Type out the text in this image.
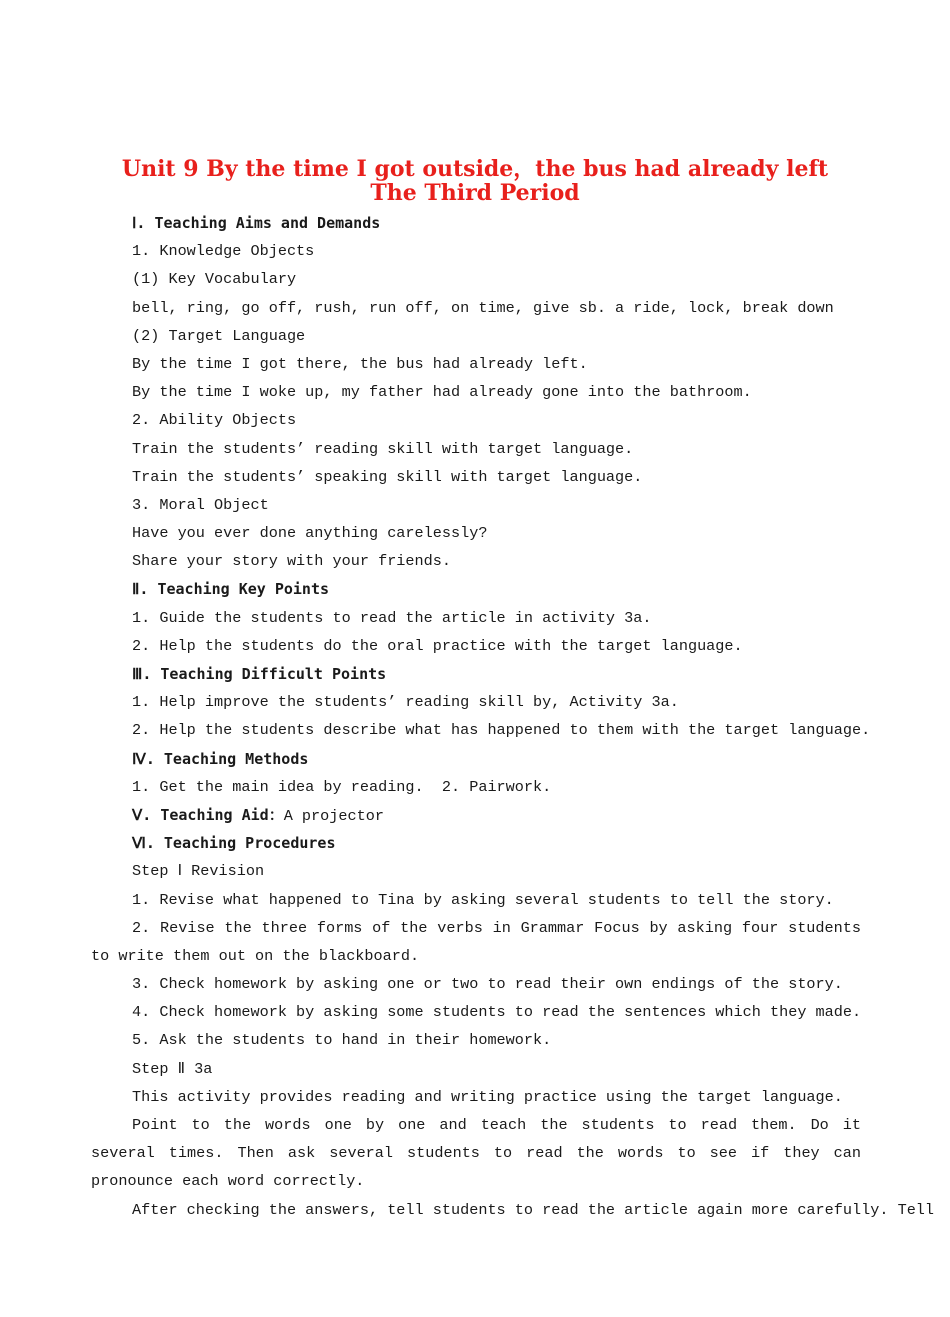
Unit 9 By the time I got outside，the bus had already left
The Third Period
Ⅰ. Teaching Aims and Demands
1. Knowledge Objects
(1) Key Vocabulary
bell, ring, go off, rush, run off, on time, give sb. a ride, lock, break down
(2) Target Language
By the time I got there, the bus had already left.
By the time I woke up, my father had already gone into the bathroom.
2. Ability Objects
Train the students’ reading skill with target language.
Train the students’ speaking skill with target language.
3. Moral Object
Have you ever done anything carelessly?
Share your story with your friends.
Ⅱ. Teaching Key Points
1. Guide the students to read the article in activity 3a.
2. Help the students do the oral practice with the target language.
Ⅲ. Teaching Difficult Points
1. Help improve the students’ reading skill by, Activity 3a.
2. Help the students describe what has happened to them with the target language.
Ⅳ. Teaching Methods
1. Get the main idea by reading.  2. Pairwork.
Ⅴ. Teaching Aid：A projector
Ⅵ. Teaching Procedures
Step Ⅰ Revision
1. Revise what happened to Tina by asking several students to tell the story.
2. Revise the three forms of the verbs in Grammar Focus by asking four students to write them out on the blackboard.
3. Check homework by asking one or two to read their own endings of the story.
4. Check homework by asking some students to read the sentences which they made.
5. Ask the students to hand in their homework.
Step Ⅱ 3a
This activity provides reading and writing practice using the target language.
Point to the words one by one and teach the students to read them. Do it several times. Then ask several students to read the words to see if they can pronounce each word correctly.
After checking the answers, tell students to read the article again more carefully. Tell
